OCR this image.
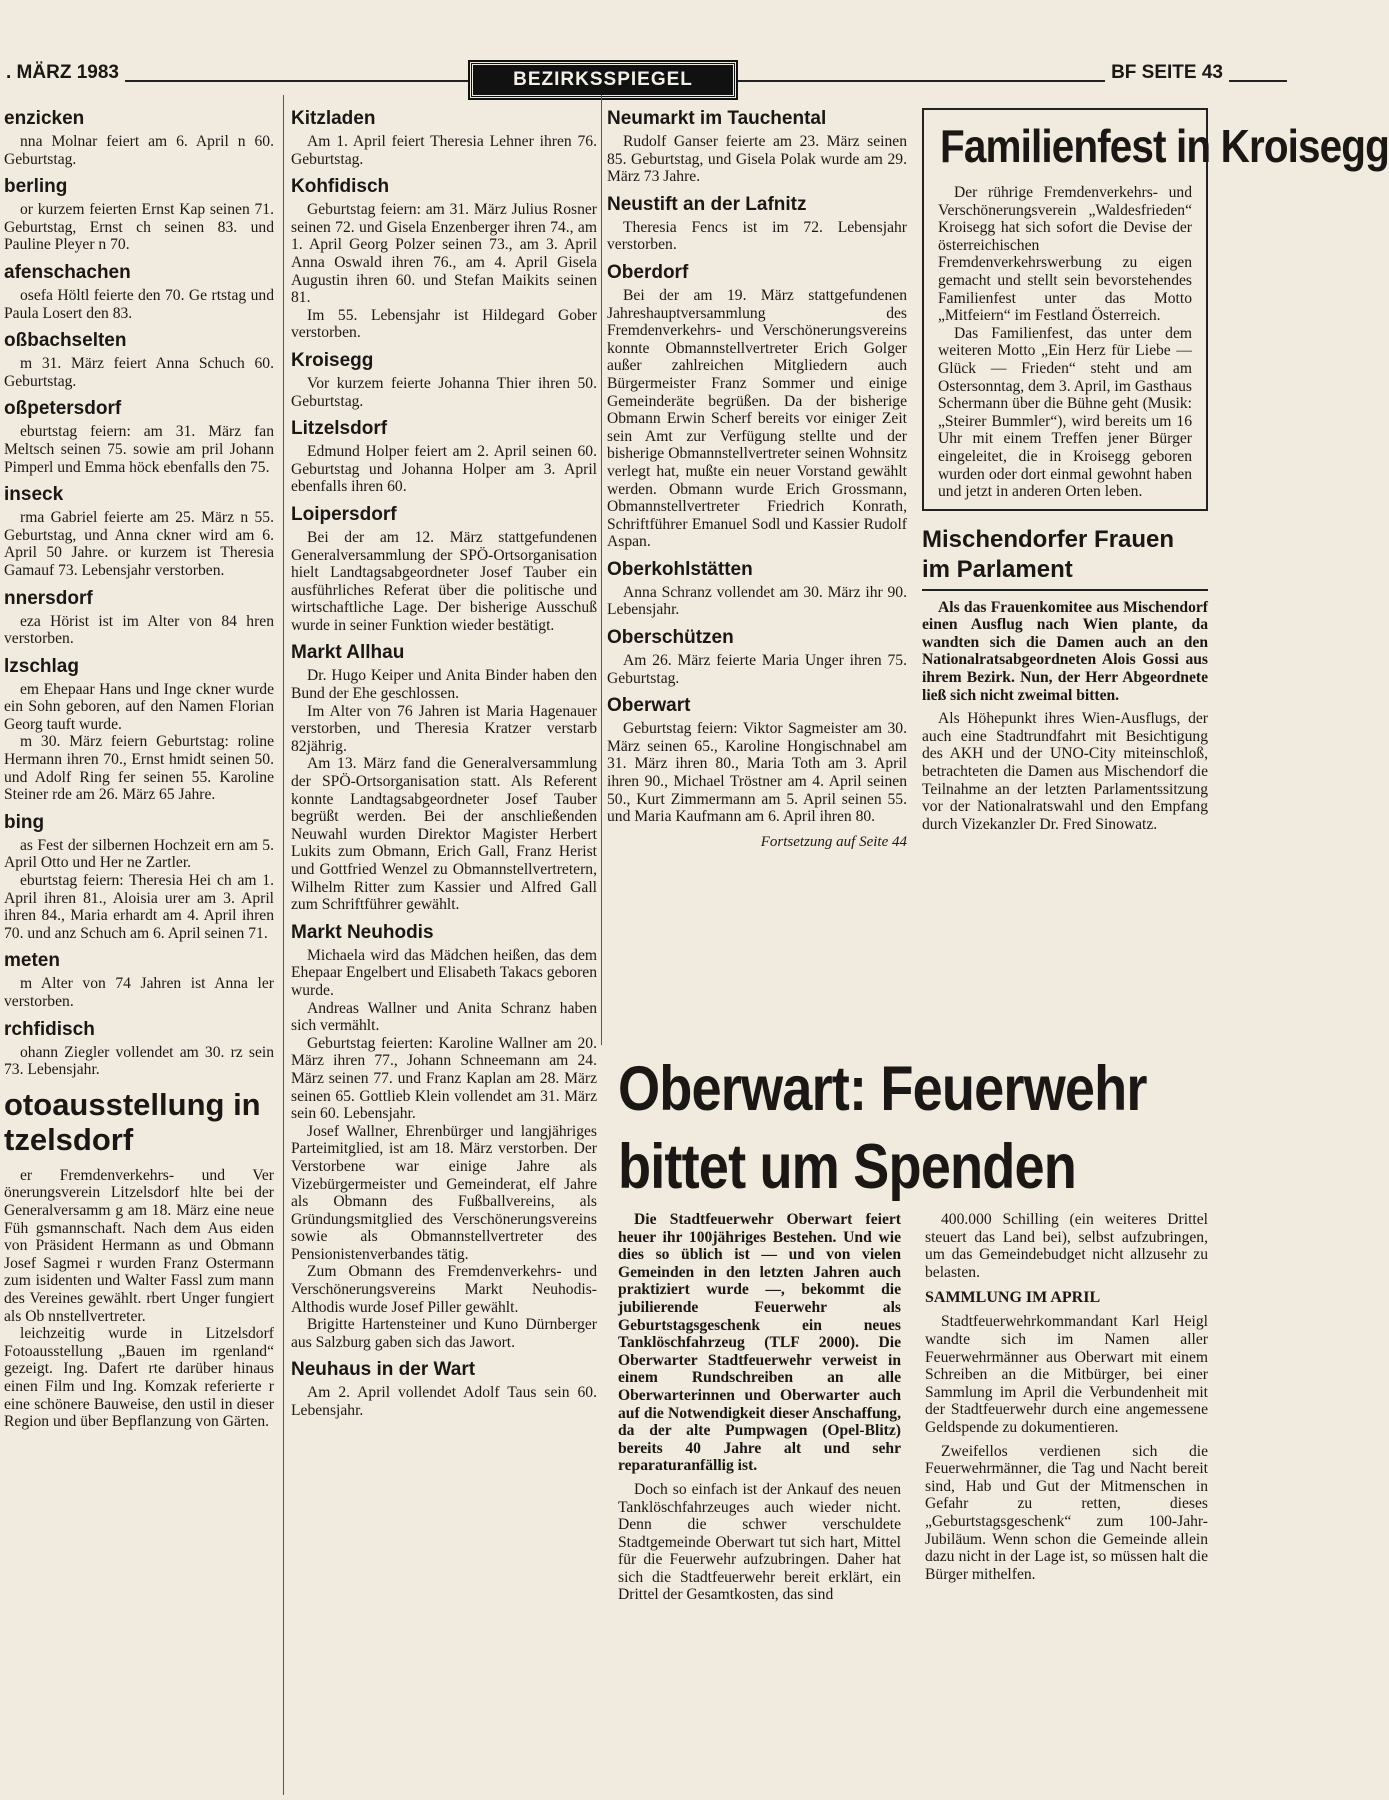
. MÄRZ 1983	BEZIRKSSPIEGEL	BF SEITE 43
enzicken

nna Molnar feiert am 6. April n 60. Geburtstag.

berling

or kurzem feierten Ernst Kap seinen 71. Geburtstag, Ernst ch seinen 83. und Pauline Pleyer n 70.

afenschachen

osefa Höltl feierte den 70. Ge rtstag und Paula Losert den 83.

oßbachselten

m 31. März feiert Anna Schuch 60. Geburtstag.

oßpetersdorf

eburtstag feiern: am 31. März fan Meltsch seinen 75. sowie am pril Johann Pimperl und Emma höck ebenfalls den 75.

inseck

rma Gabriel feierte am 25. März n 55. Geburtstag, und Anna ckner wird am 6. April 50 Jahre. or kurzem ist Theresia Gamauf 73. Lebensjahr verstorben.

nnersdorf

eza Hörist ist im Alter von 84 hren verstorben.

lzschlag

em Ehepaar Hans und Inge ckner wurde ein Sohn geboren, auf den Namen Florian Georg tauft wurde.

m 30. März feiern Geburtstag: roline Hermann ihren 70., Ernst hmidt seinen 50. und Adolf Ring fer seinen 55. Karoline Steiner rde am 26. März 65 Jahre.

bing

as Fest der silbernen Hochzeit ern am 5. April Otto und Her ne Zartler.

eburtstag feiern: Theresia Hei ch am 1. April ihren 81., Aloisia urer am 3. April ihren 84., Maria erhardt am 4. April ihren 70. und anz Schuch am 6. April seinen 71.

meten

m Alter von 74 Jahren ist Anna ler verstorben.

rchfidisch

ohann Ziegler vollendet am 30. rz sein 73. Lebensjahr.

otoausstellung in tzelsdorf

er Fremdenverkehrs- und Ver önerungsverein Litzelsdorf hlte bei der Generalversamm g am 18. März eine neue Füh gsmannschaft. Nach dem Aus eiden von Präsident Hermann as und Obmann Josef Sagmei r wurden Franz Ostermann zum isidenten und Walter Fassl zum mann des Vereines gewählt. rbert Unger fungiert als Ob nnstellvertreter.

leichzeitig wurde in Litzelsdorf Fotoausstellung „Bauen im rgenland“ gezeigt. Ing. Dafert rte darüber hinaus einen Film und Ing. Komzak referierte r eine schönere Bauweise, den ustil in dieser Region und über Bepflanzung von Gärten.

Kitzladen

Am 1. April feiert Theresia Lehner ihren 76. Geburtstag.

Kohfidisch

Geburtstag feiern: am 31. März Julius Rosner seinen 72. und Gisela Enzenberger ihren 74., am 1. April Georg Polzer seinen 73., am 3. April Anna Oswald ihren 76., am 4. April Gisela Augustin ihren 60. und Stefan Maikits seinen 81.

Im 55. Lebensjahr ist Hildegard Gober verstorben.

Kroisegg

Vor kurzem feierte Johanna Thier ihren 50. Geburtstag.

Litzelsdorf

Edmund Holper feiert am 2. April seinen 60. Geburtstag und Johanna Holper am 3. April ebenfalls ihren 60.

Loipersdorf

Bei der am 12. März stattgefundenen Generalversammlung der SPÖ-Ortsorganisation hielt Landtagsabgeordneter Josef Tauber ein ausführliches Referat über die politische und wirtschaftliche Lage. Der bisherige Ausschuß wurde in seiner Funktion wieder bestätigt.

Markt Allhau

Dr. Hugo Keiper und Anita Binder haben den Bund der Ehe geschlossen.

Im Alter von 76 Jahren ist Maria Hagenauer verstorben, und Theresia Kratzer verstarb 82jährig.

Am 13. März fand die Generalversammlung der SPÖ-Ortsorganisation statt. Als Referent konnte Landtagsabgeordneter Josef Tauber begrüßt werden. Bei der anschließenden Neuwahl wurden Direktor Magister Herbert Lukits zum Obmann, Erich Gall, Franz Herist und Gottfried Wenzel zu Obmannstellvertretern, Wilhelm Ritter zum Kassier und Alfred Gall zum Schriftführer gewählt.

Markt Neuhodis

Michaela wird das Mädchen heißen, das dem Ehepaar Engelbert und Elisabeth Takacs geboren wurde.

Andreas Wallner und Anita Schranz haben sich vermählt.

Geburtstag feierten: Karoline Wallner am 20. März ihren 77., Johann Schneemann am 24. März seinen 77. und Franz Kaplan am 28. März seinen 65. Gottlieb Klein vollendet am 31. März sein 60. Lebensjahr.

Josef Wallner, Ehrenbürger und langjähriges Parteimitglied, ist am 18. März verstorben. Der Verstorbene war einige Jahre als Vizebürgermeister und Gemeinderat, elf Jahre als Obmann des Fußballvereins, als Gründungsmitglied des Verschönerungsvereins sowie als Obmannstellvertreter des Pensionistenverbandes tätig.

Zum Obmann des Fremdenverkehrs- und Verschönerungsvereins Markt Neuhodis-Althodis wurde Josef Piller gewählt.

Brigitte Hartensteiner und Kuno Dürnberger aus Salzburg gaben sich das Jawort.

Neuhaus in der Wart

Am 2. April vollendet Adolf Taus sein 60. Lebensjahr.

Neumarkt im Tauchental

Rudolf Ganser feierte am 23. März seinen 85. Geburtstag, und Gisela Polak wurde am 29. März 73 Jahre.

Neustift an der Lafnitz

Theresia Fencs ist im 72. Lebensjahr verstorben.

Oberdorf

Bei der am 19. März stattgefundenen Jahreshauptversammlung des Fremdenverkehrs- und Verschönerungsvereins konnte Obmannstellvertreter Erich Golger außer zahlreichen Mitgliedern auch Bürgermeister Franz Sommer und einige Gemeinderäte begrüßen. Da der bisherige Obmann Erwin Scherf bereits vor einiger Zeit sein Amt zur Verfügung stellte und der bisherige Obmannstellvertreter seinen Wohnsitz verlegt hat, mußte ein neuer Vorstand gewählt werden. Obmann wurde Erich Grossmann, Obmannstellvertreter Friedrich Konrath, Schriftführer Emanuel Sodl und Kassier Rudolf Aspan.

Oberkohlstätten

Anna Schranz vollendet am 30. März ihr 90. Lebensjahr.

Oberschützen

Am 26. März feierte Maria Unger ihren 75. Geburtstag.

Oberwart

Geburtstag feiern: Viktor Sagmeister am 30. März seinen 65., Karoline Hongischnabel am 31. März ihren 80., Maria Toth am 3. April ihren 90., Michael Tröstner am 4. April seinen 50., Kurt Zimmermann am 5. April seinen 55. und Maria Kaufmann am 6. April ihren 80.

Fortsetzung auf Seite 44
Familienfest in Kroisegg

Der rührige Fremdenverkehrs- und Verschönerungsverein „Waldesfrieden“ Kroisegg hat sich sofort die Devise der österreichischen Fremdenverkehrswerbung zu eigen gemacht und stellt sein bevorstehendes Familienfest unter das Motto „Mitfeiern“ im Festland Österreich.

Das Familienfest, das unter dem weiteren Motto „Ein Herz für Liebe — Glück — Frieden“ steht und am Ostersonntag, dem 3. April, im Gasthaus Schermann über die Bühne geht (Musik: „Steirer Bummler“), wird bereits um 16 Uhr mit einem Treffen jener Bürger eingeleitet, die in Kroisegg geboren wurden oder dort einmal gewohnt haben und jetzt in anderen Orten leben.

Mischendorfer Frauen im Parlament

Als das Frauenkomitee aus Mischendorf einen Ausflug nach Wien plante, da wandten sich die Damen auch an den Nationalratsabgeordneten Alois Gossi aus ihrem Bezirk. Nun, der Herr Abgeordnete ließ sich nicht zweimal bitten.

Als Höhepunkt ihres Wien-Ausflugs, der auch eine Stadtrundfahrt mit Besichtigung des AKH und der UNO-City miteinschloß, betrachteten die Damen aus Mischendorf die Teilnahme an der letzten Parlamentssitzung vor der Nationalratswahl und den Empfang durch Vizekanzler Dr. Fred Sinowatz.

Oberwart: Feuerwehr
bittet um Spenden

Die Stadtfeuerwehr Oberwart feiert heuer ihr 100jähriges Bestehen. Und wie dies so üblich ist — und von vielen Gemeinden in den letzten Jahren auch praktiziert wurde —, bekommt die jubilierende Feuerwehr als Geburtstagsgeschenk ein neues Tanklöschfahrzeug (TLF 2000). Die Oberwarter Stadtfeuerwehr verweist in einem Rundschreiben an alle Oberwarterinnen und Oberwarter auch auf die Notwendigkeit dieser Anschaffung, da der alte Pumpwagen (Opel-Blitz) bereits 40 Jahre alt und sehr reparaturanfällig ist.

Doch so einfach ist der Ankauf des neuen Tanklöschfahrzeuges auch wieder nicht. Denn die schwer verschuldete Stadtgemeinde Oberwart tut sich hart, Mittel für die Feuerwehr aufzubringen. Daher hat sich die Stadtfeuerwehr bereit erklärt, ein Drittel der Gesamtkosten, das sind

400.000 Schilling (ein weiteres Drittel steuert das Land bei), selbst aufzubringen, um das Gemeindebudget nicht allzusehr zu belasten.

SAMMLUNG IM APRIL

Stadtfeuerwehrkommandant Karl Heigl wandte sich im Namen aller Feuerwehrmänner aus Oberwart mit einem Schreiben an die Mitbürger, bei einer Sammlung im April die Verbundenheit mit der Stadtfeuerwehr durch eine angemessene Geldspende zu dokumentieren.

Zweifellos verdienen sich die Feuerwehrmänner, die Tag und Nacht bereit sind, Hab und Gut der Mitmenschen in Gefahr zu retten, dieses „Geburtstagsgeschenk“ zum 100-Jahr-Jubiläum. Wenn schon die Gemeinde allein dazu nicht in der Lage ist, so müssen halt die Bürger mithelfen.
